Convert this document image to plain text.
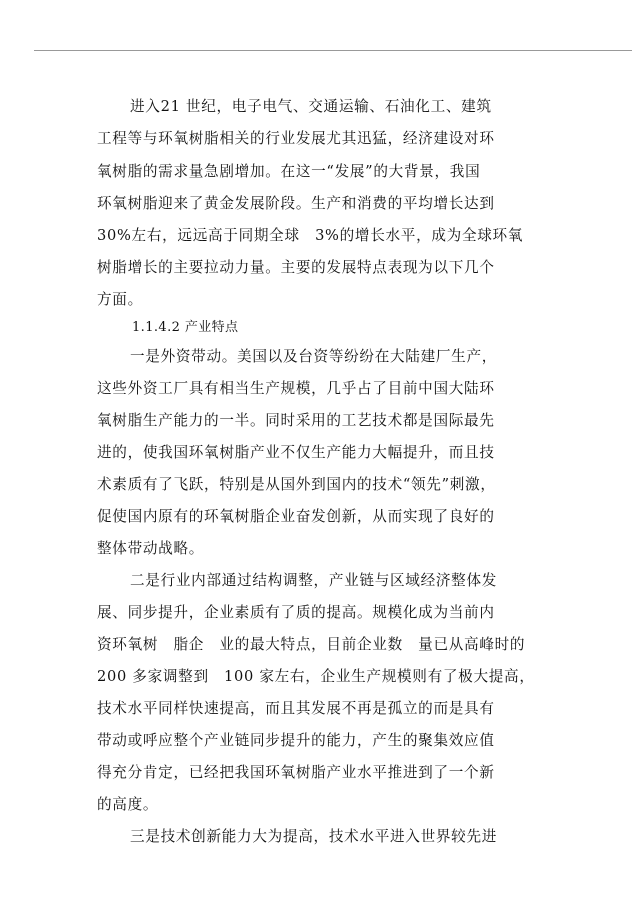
进入21 世纪，电子电气、交通运输、石油化工、建筑
工程等与环氧树脂相关的行业发展尤其迅猛，经济建设对环
氧树脂的需求量急剧增加。在这一“发展”的大背景，我国
环氧树脂迎来了黄金发展阶段。生产和消费的平均增长达到
30%左右，远远高于同期全球　3%的增长水平，成为全球环氧
树脂增长的主要拉动力量。主要的发展特点表现为以下几个
方面。
1.1.4.2 产业特点
一是外资带动。美国以及台资等纷纷在大陆建厂生产，
这些外资工厂具有相当生产规模，几乎占了目前中国大陆环
氧树脂生产能力的一半。同时采用的工艺技术都是国际最先
进的，使我国环氧树脂产业不仅生产能力大幅提升，而且技
术素质有了飞跃，特别是从国外到国内的技术“领先”刺激，
促使国内原有的环氧树脂企业奋发创新，从而实现了良好的
整体带动战略。
二是行业内部通过结构调整，产业链与区域经济整体发
展、同步提升，企业素质有了质的提高。规模化成为当前内
资环氧树　脂企　业的最大特点，目前企业数　量已从高峰时的
200 多家调整到　100 家左右，企业生产规模则有了极大提高，
技术水平同样快速提高，而且其发展不再是孤立的而是具有
带动或呼应整个产业链同步提升的能力，产生的聚集效应值
得充分肯定，已经把我国环氧树脂产业水平推进到了一个新
的高度。
三是技术创新能力大为提高，技术水平进入世界较先进
